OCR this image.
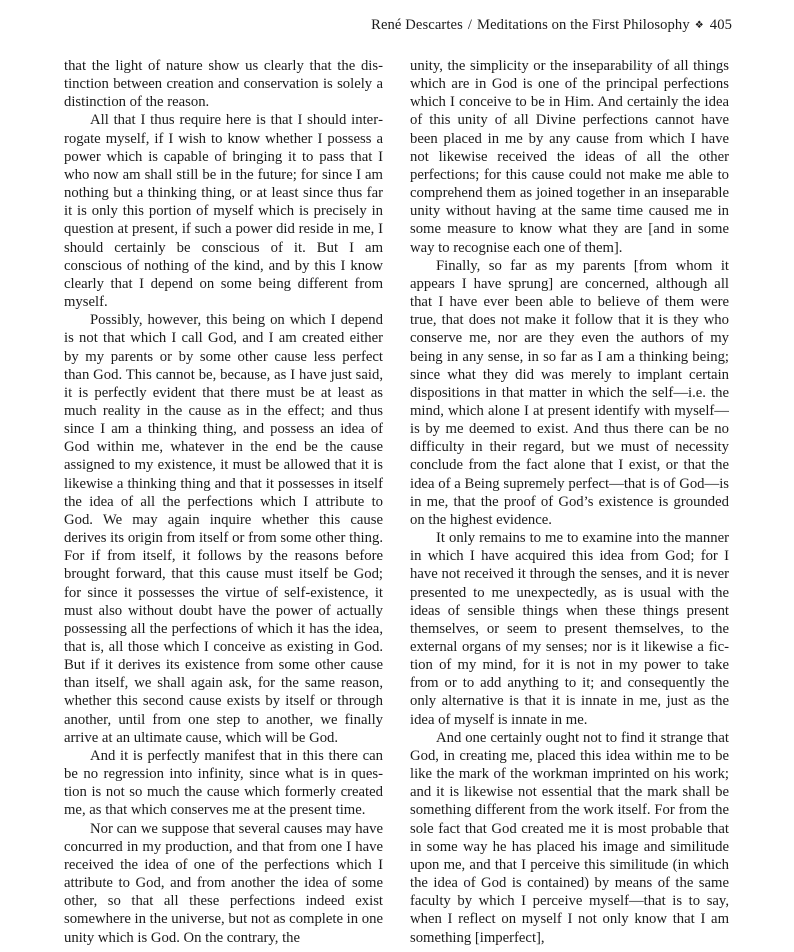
René Descartes / Meditations on the First Philosophy ❖ 405

that the light of nature show us clearly that the distinction between creation and conservation is solely a distinction of the reason.

All that I thus require here is that I should interrogate myself, if I wish to know whether I possess a power which is capable of bringing it to pass that I who now am shall still be in the future; for since I am nothing but a thinking thing, or at least since thus far it is only this portion of myself which is precisely in question at present, if such a power did reside in me, I should certainly be conscious of it. But I am conscious of nothing of the kind, and by this I know clearly that I depend on some being different from myself.

Possibly, however, this being on which I depend is not that which I call God, and I am created either by my parents or by some other cause less perfect than God. This cannot be, because, as I have just said, it is perfectly evident that there must be at least as much reality in the cause as in the effect; and thus since I am a thinking thing, and possess an idea of God within me, whatever in the end be the cause assigned to my existence, it must be allowed that it is likewise a thinking thing and that it possesses in itself the idea of all the perfections which I attribute to God. We may again inquire whether this cause derives its origin from itself or from some other thing. For if from itself, it follows by the reasons before brought forward, that this cause must itself be God; for since it possesses the virtue of self-existence, it must also without doubt have the power of actually possessing all the perfections of which it has the idea, that is, all those which I conceive as existing in God. But if it derives its existence from some other cause than itself, we shall again ask, for the same reason, whether this second cause exists by itself or through another, until from one step to another, we finally arrive at an ultimate cause, which will be God.

And it is perfectly manifest that in this there can be no regression into infinity, since what is in question is not so much the cause which formerly created me, as that which conserves me at the present time.

Nor can we suppose that several causes may have concurred in my production, and that from one I have received the idea of one of the perfections which I attribute to God, and from another the idea of some other, so that all these perfections indeed exist somewhere in the universe, but not as complete in one unity which is God. On the contrary, the

unity, the simplicity or the inseparability of all things which are in God is one of the principal perfections which I conceive to be in Him. And certainly the idea of this unity of all Divine perfections cannot have been placed in me by any cause from which I have not likewise received the ideas of all the other perfections; for this cause could not make me able to comprehend them as joined together in an inseparable unity without having at the same time caused me in some measure to know what they are [and in some way to recognise each one of them].

Finally, so far as my parents [from whom it appears I have sprung] are concerned, although all that I have ever been able to believe of them were true, that does not make it follow that it is they who conserve me, nor are they even the authors of my being in any sense, in so far as I am a thinking being; since what they did was merely to implant certain dispositions in that matter in which the self—i.e. the mind, which alone I at present identify with myself—is by me deemed to exist. And thus there can be no difficulty in their regard, but we must of necessity conclude from the fact alone that I exist, or that the idea of a Being supremely perfect—that is of God—is in me, that the proof of God’s existence is grounded on the highest evidence.

It only remains to me to examine into the manner in which I have acquired this idea from God; for I have not received it through the senses, and it is never presented to me unexpectedly, as is usual with the ideas of sensible things when these things present themselves, or seem to present themselves, to the external organs of my senses; nor is it likewise a fiction of my mind, for it is not in my power to take from or to add anything to it; and consequently the only alternative is that it is innate in me, just as the idea of myself is innate in me.

And one certainly ought not to find it strange that God, in creating me, placed this idea within me to be like the mark of the workman imprinted on his work; and it is likewise not essential that the mark shall be something different from the work itself. For from the sole fact that God created me it is most probable that in some way he has placed his image and similitude upon me, and that I perceive this similitude (in which the idea of God is contained) by means of the same faculty by which I perceive myself—that is to say, when I reflect on myself I not only know that I am something [imperfect],
